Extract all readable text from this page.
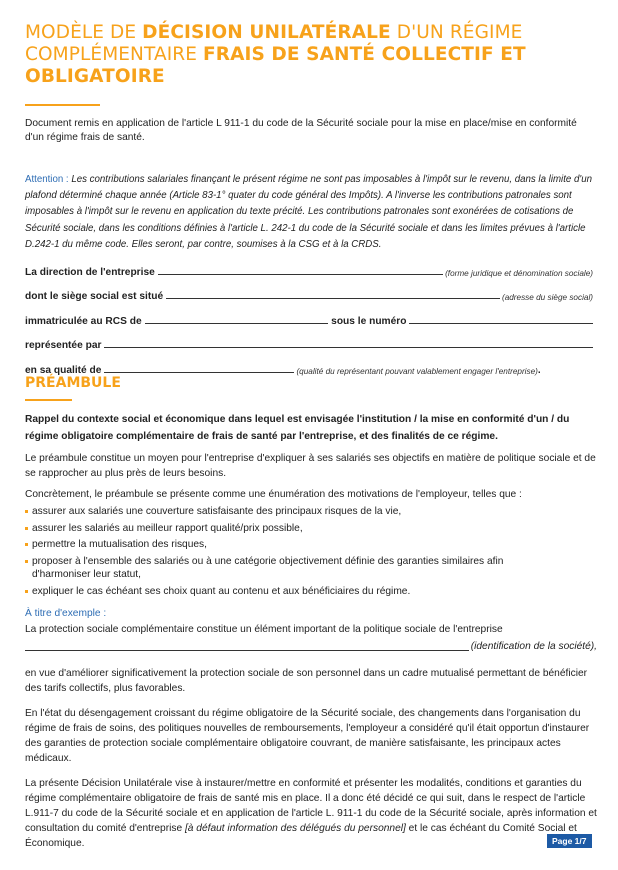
MODÈLE DE DÉCISION UNILATÉRALE D'UN RÉGIME COMPLÉMENTAIRE FRAIS DE SANTÉ COLLECTIF ET OBLIGATOIRE
Document remis en application de l'article L 911-1 du code de la Sécurité sociale pour la mise en place/mise en conformité d'un régime frais de santé.
Attention : Les contributions salariales finançant le présent régime ne sont pas imposables à l'impôt sur le revenu, dans la limite d'un plafond déterminé chaque année (Article 83-1° quater du code général des Impôts). A l'inverse les contributions patronales sont imposables à l'impôt sur le revenu en application du texte précité. Les contributions patronales sont exonérées de cotisations de Sécurité sociale, dans les conditions définies à l'article L. 242-1 du code de la Sécurité sociale et dans les limites prévues à l'article D.242-1 du même code. Elles seront, par contre, soumises à la CSG et à la CRDS.
La direction de l'entreprise	(forme juridique et dénomination sociale)
dont le siège social est situé	(adresse du siège social)
immatriculée au RCS de	sous le numéro
représentée par
en sa qualité de	(qualité du représentant pouvant valablement engager l'entreprise) .
PRÉAMBULE

Rappel du contexte social et économique dans lequel est envisagée l'institution / la mise en conformité d'un / du régime obligatoire complémentaire de frais de santé par l'entreprise, et des finalités de ce régime.

Le préambule constitue un moyen pour l'entreprise d'expliquer à ses salariés ses objectifs en matière de politique sociale et de se rapprocher au plus près de leurs besoins.

Concrètement, le préambule se présente comme une énumération des motivations de l'employeur, telles que :

assurer aux salariés une couverture satisfaisante des principaux risques de la vie,
assurer les salariés au meilleur rapport qualité/prix possible,
permettre la mutualisation des risques,
proposer à l'ensemble des salariés ou à une catégorie objectivement définie des garanties similaires afin d'harmoniser leur statut,
expliquer le cas échéant ses choix quant au contenu et aux bénéficiaires du régime.

À titre d'exemple :

La protection sociale complémentaire constitue un élément important de la politique sociale de l'entreprise

(identification de la société),

en vue d'améliorer significativement la protection sociale de son personnel dans un cadre mutualisé permettant de bénéficier des tarifs collectifs, plus favorables.

En l'état du désengagement croissant du régime obligatoire de la Sécurité sociale, des changements dans l'organisation du régime de frais de soins, des politiques nouvelles de remboursements, l'employeur a considéré qu'il était opportun d'instaurer des garanties de protection sociale complémentaire obligatoire couvrant, de manière satisfaisante, les principaux actes médicaux.

La présente Décision Unilatérale vise à instaurer/mettre en conformité et présenter les modalités, conditions et garanties du régime complémentaire obligatoire de frais de santé mis en place. Il a donc été décidé ce qui suit, dans le respect de l'article L.911-7 du code de la Sécurité sociale et en application de l'article L. 911-1 du code de la Sécurité sociale, après information et consultation du comité d'entreprise [à défaut information des délégués du personnel] et le cas échéant du Comité Social et Économique.	Page 1/7
